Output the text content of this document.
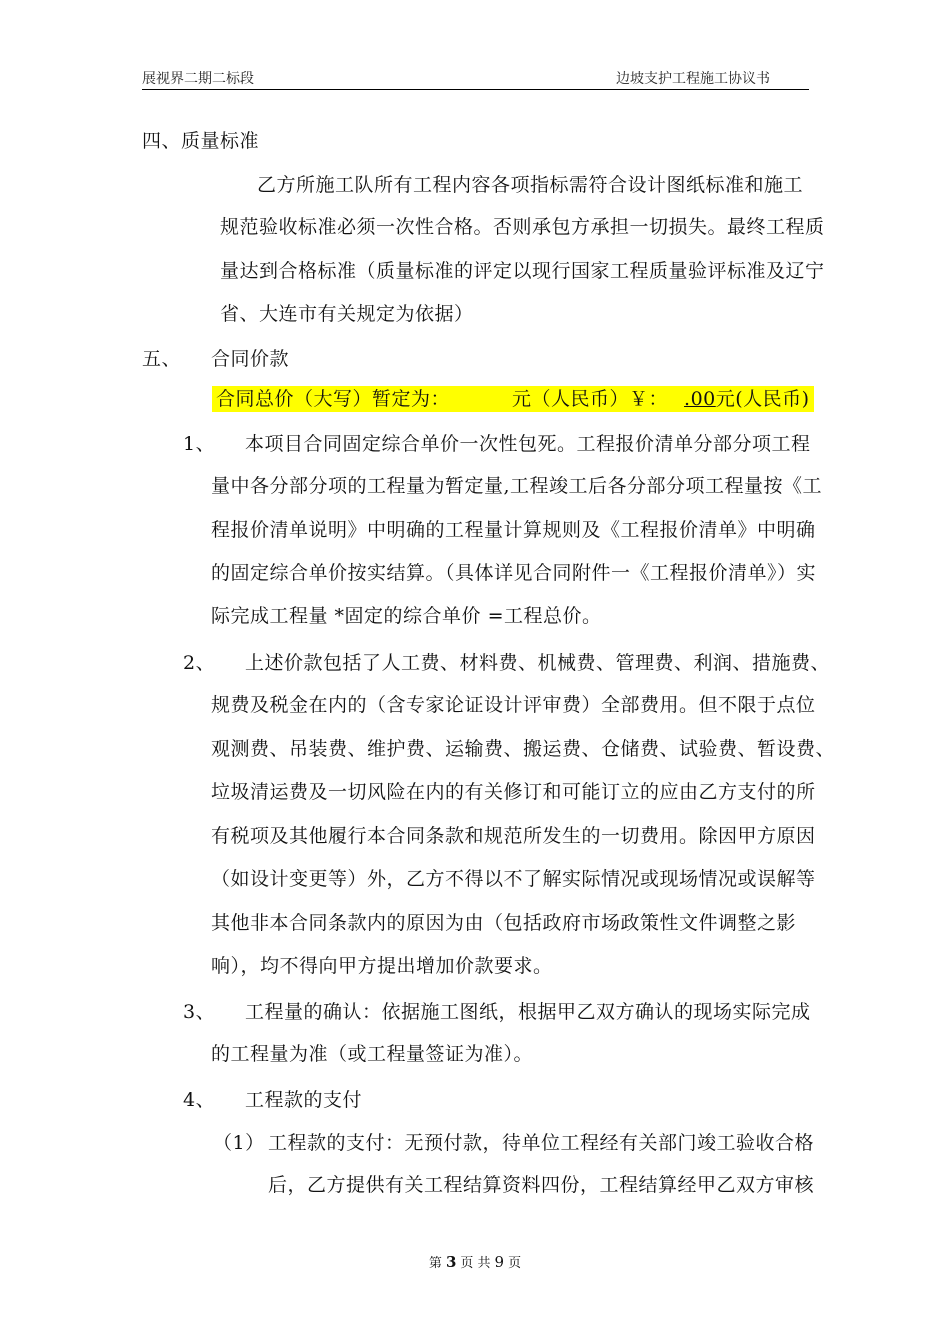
展视界二期二标段	边坡支护工程施工协议书
四、质量标准
乙方所施工队所有工程内容各项指标需符合设计图纸标准和施工
规范验收标准必须一次性合格。否则承包方承担一切损失。最终工程质
量达到合格标准（质量标准的评定以现行国家工程质量验评标准及辽宁
省、大连市有关规定为依据）
五、 合同价款
合同总价（大写）暂定为：	元（人民币）￥： .00元(人民币)
1、 本项目合同固定综合单价一次性包死。工程报价清单分部分项工程
量中各分部分项的工程量为暂定量,工程竣工后各分部分项工程量按《工
程报价清单说明》中明确的工程量计算规则及《工程报价清单》中明确
的固定综合单价按实结算。（具体详见合同附件一《工程报价清单》）实
际完成工程量 *固定的综合单价 =工程总价。
2、 上述价款包括了人工费、材料费、机械费、管理费、利润、措施费、
规费及税金在内的（含专家论证设计评审费）全部费用。但不限于点位
观测费、吊装费、维护费、运输费、搬运费、仓储费、试验费、暂设费、
垃圾清运费及一切风险在内的有关修订和可能订立的应由乙方支付的所
有税项及其他履行本合同条款和规范所发生的一切费用。除因甲方原因
（如设计变更等）外，乙方不得以不了解实际情况或现场情况或误解等
其他非本合同条款内的原因为由（包括政府市场政策性文件调整之影
响），均不得向甲方提出增加价款要求。
3、 工程量的确认：依据施工图纸，根据甲乙双方确认的现场实际完成
的工程量为准（或工程量签证为准）。
4、 工程款的支付
（1） 工程款的支付：无预付款，待单位工程经有关部门竣工验收合格
后，乙方提供有关工程结算资料四份，工程结算经甲乙双方审核
第 3 页 共 9 页
